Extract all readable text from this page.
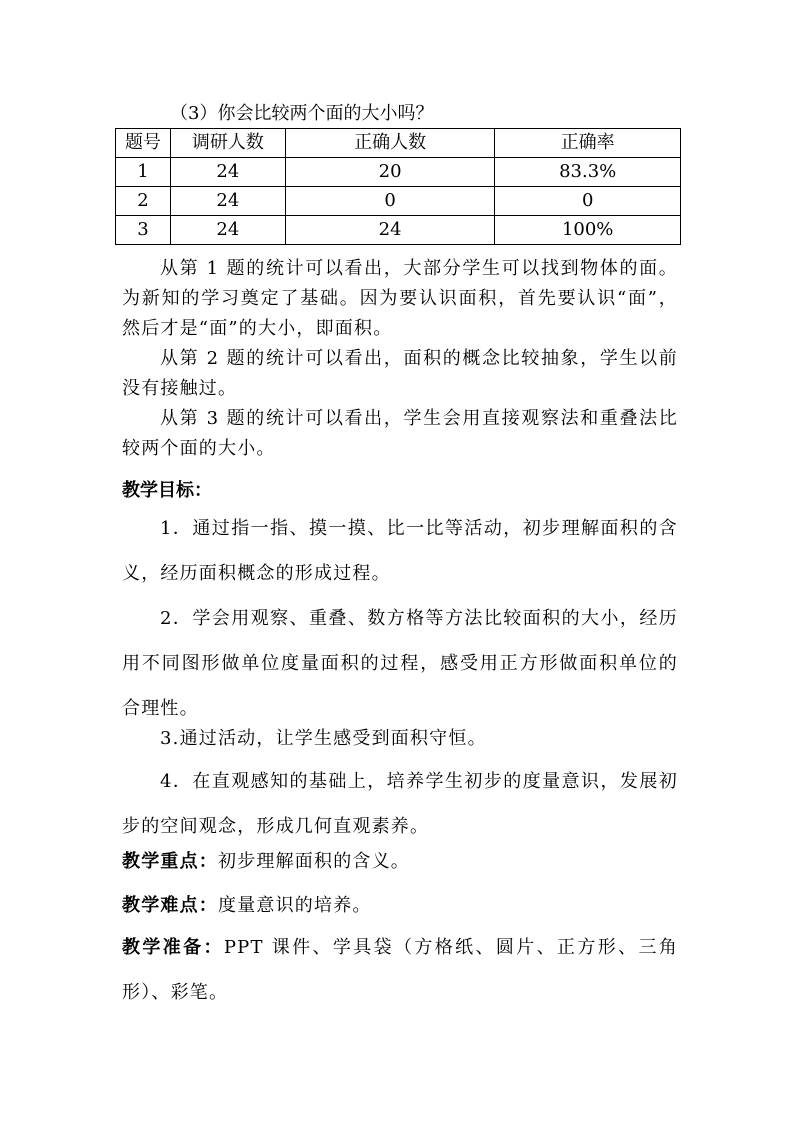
（3）你会比较两个面的大小吗？
题号	调研人数	正确人数	正确率
1	24	20	83.3%
2	24	0	0
3	24	24	100%
从第 1 题的统计可以看出，大部分学生可以找到物体的面。为新知的学习奠定了基础。因为要认识面积，首先要认识“面”，然后才是“面”的大小，即面积。
从第 2 题的统计可以看出，面积的概念比较抽象，学生以前没有接触过。
从第 3 题的统计可以看出，学生会用直接观察法和重叠法比较两个面的大小。
教学目标：
1．通过指一指、摸一摸、比一比等活动，初步理解面积的含义，经历面积概念的形成过程。
2．学会用观察、重叠、数方格等方法比较面积的大小，经历用不同图形做单位度量面积的过程，感受用正方形做面积单位的合理性。
3.通过活动，让学生感受到面积守恒。
4．在直观感知的基础上，培养学生初步的度量意识，发展初步的空间观念，形成几何直观素养。
教学重点：初步理解面积的含义。
教学难点：度量意识的培养。
教学准备：PPT 课件、学具袋（方格纸、圆片、正方形、三角形）、彩笔。
